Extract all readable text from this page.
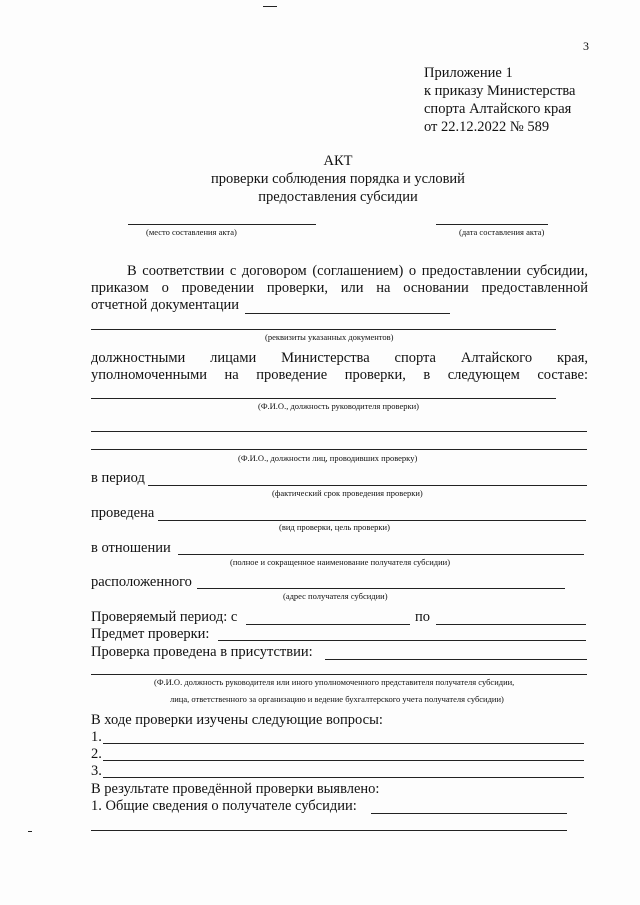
3
Приложение 1
к приказу Министерства
спорта Алтайского края
от 22.12.2022 № 589
АКТ
проверки соблюдения порядка и условий
предоставления субсидии
(место составления акта)	(дата составления акта)
В соответствии с договором (соглашением) о предоставлении субсидии,
приказом о проведении проверки, или на основании предоставленной
отчетной документации
(реквизиты указанных документов)
должностными лицами Министерства спорта Алтайского края,
уполномоченными на проведение проверки, в следующем составе:
(Ф.И.О., должность руководителя проверки)
(Ф.И.О., должности лиц, проводивших проверку)
в период
(фактический срок проведения проверки)
проведена
(вид проверки, цель проверки)
в отношении
(полное и сокращенное наименование получателя субсидии)
расположенного
(адрес получателя субсидии)
Проверяемый период: с	по
Предмет проверки:
Проверка проведена в присутствии:
(Ф.И.О. должность руководителя или иного уполномоченного представителя получателя субсидии,
лица, ответственного за организацию и ведение бухгалтерского учета получателя субсидии)
В ходе проверки изучены следующие вопросы:
1.
2.
3.
В результате проведённой проверки выявлено:
1. Общие сведения о получателе субсидии:
